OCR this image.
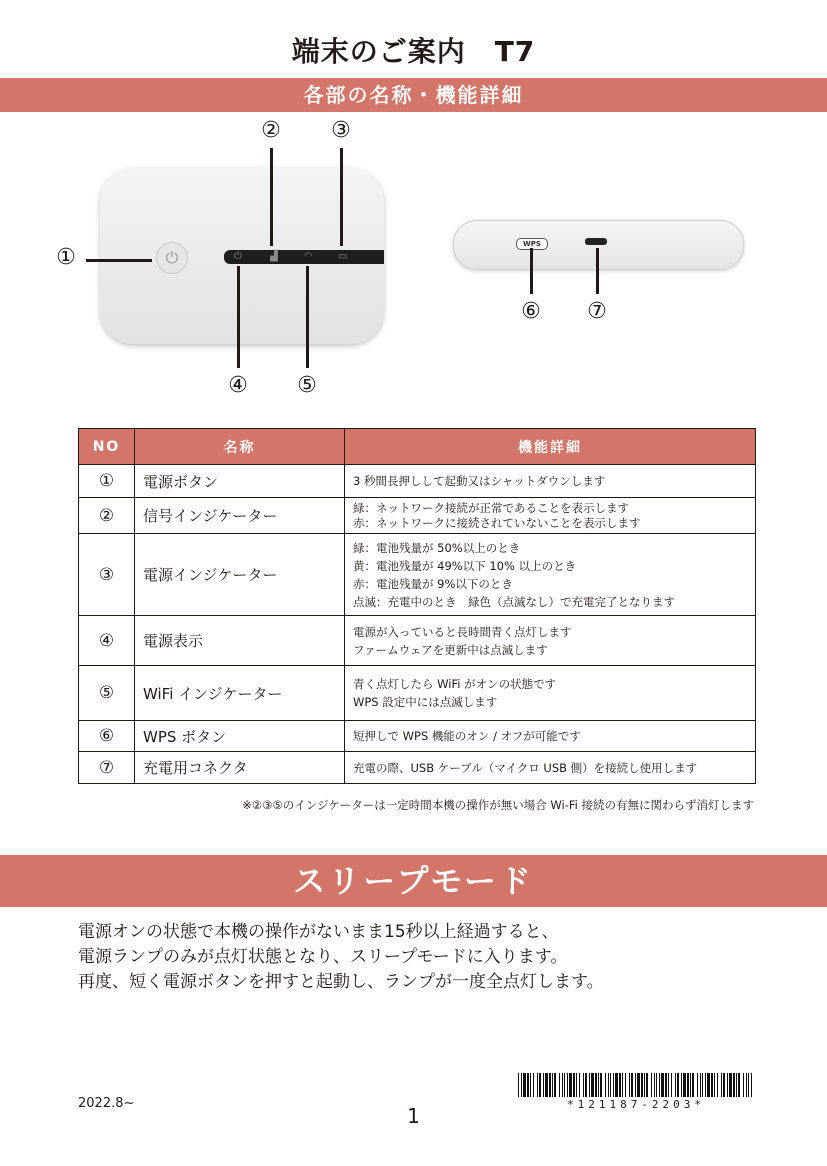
端末のご案内　T7
各部の名称・機能詳細
⏻	⏻	▟	◠	▭
WPS
①
② ③
④ ⑤
⑥ ⑦
NO	名称	機能詳細
①	電源ボタン	3 秒間長押しして起動又はシャットダウンします

②	信号インジケーター	緑：ネットワーク接続が正常であることを表示します
赤：ネットワークに接続されていないことを表示します

③	電源インジケーター	緑：電池残量が 50%以上のとき
黄：電池残量が 49%以下 10% 以上のとき
赤：電池残量が 9%以下のとき
点滅：充電中のとき　緑色（点滅なし）で充電完了となります

④	電源表示	電源が入っていると長時間青く点灯します
ファームウェアを更新中は点滅します

⑤	WiFi インジケーター	青く点灯したら WiFi がオンの状態です
WPS 設定中には点滅します

⑥	WPS ボタン	短押しで WPS 機能のオン / オフが可能です

⑦	充電用コネクタ	充電の際、USB ケーブル（マイクロ USB 側）を接続し使用します
※②③⑤のインジケーターは一定時間本機の操作が無い場合 Wi-Fi 接続の有無に関わらず消灯します
スリープモード
電源オンの状態で本機の操作がないまま15秒以上経過すると、
電源ランプのみが点灯状態となり、スリープモードに入ります。
再度、短く電源ボタンを押すと起動し、ランプが一度全点灯します。
2022.8~
1	*121187-2203*
